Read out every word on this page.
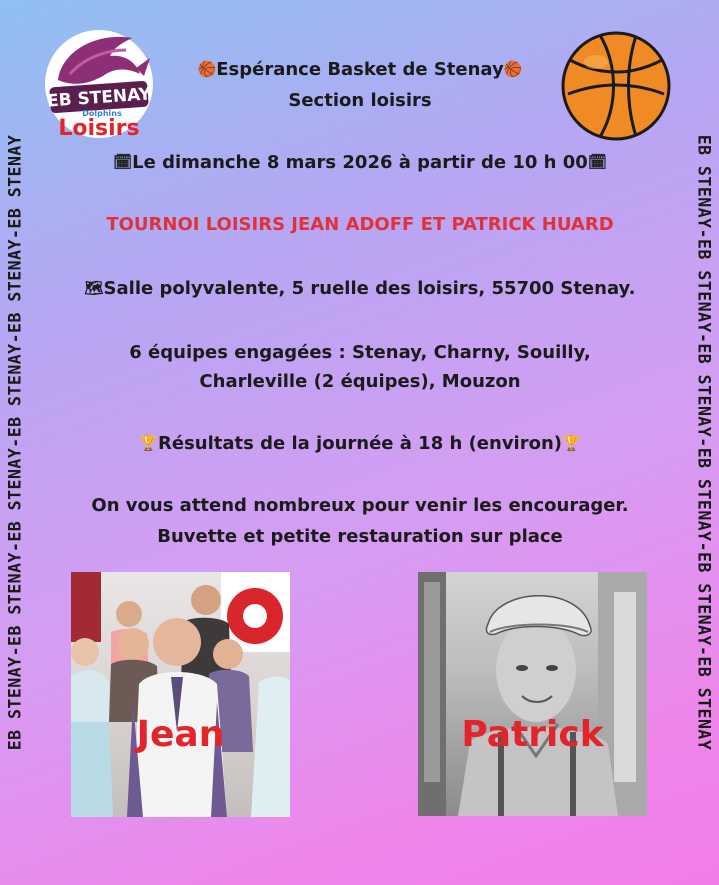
EB STENAY-EB STENAY-EB STENAY-EB STENAY-EB STENAY-EB STENAY	EB STENAY-EB STENAY-EB STENAY-EB STENAY-EB STENAY-EB STENAY
EB STENAY
Dolphins
Loisirs
🏀Espérance Basket de Stenay🏀
Section loisirs
🗓Le dimanche 8 mars 2026 à partir de 10 h 00🗓
TOURNOI LOISIRS JEAN ADOFF ET PATRICK HUARD
🗺Salle polyvalente, 5 ruelle des loisirs, 55700 Stenay.
6 équipes engagées : Stenay, Charny, Souilly,
Charleville (2 équipes), Mouzon
🏆Résultats de la journée à 18 h (environ)🏆
On vous attend nombreux pour venir les encourager.
Buvette et petite restauration sur place
Jean	Patrick
